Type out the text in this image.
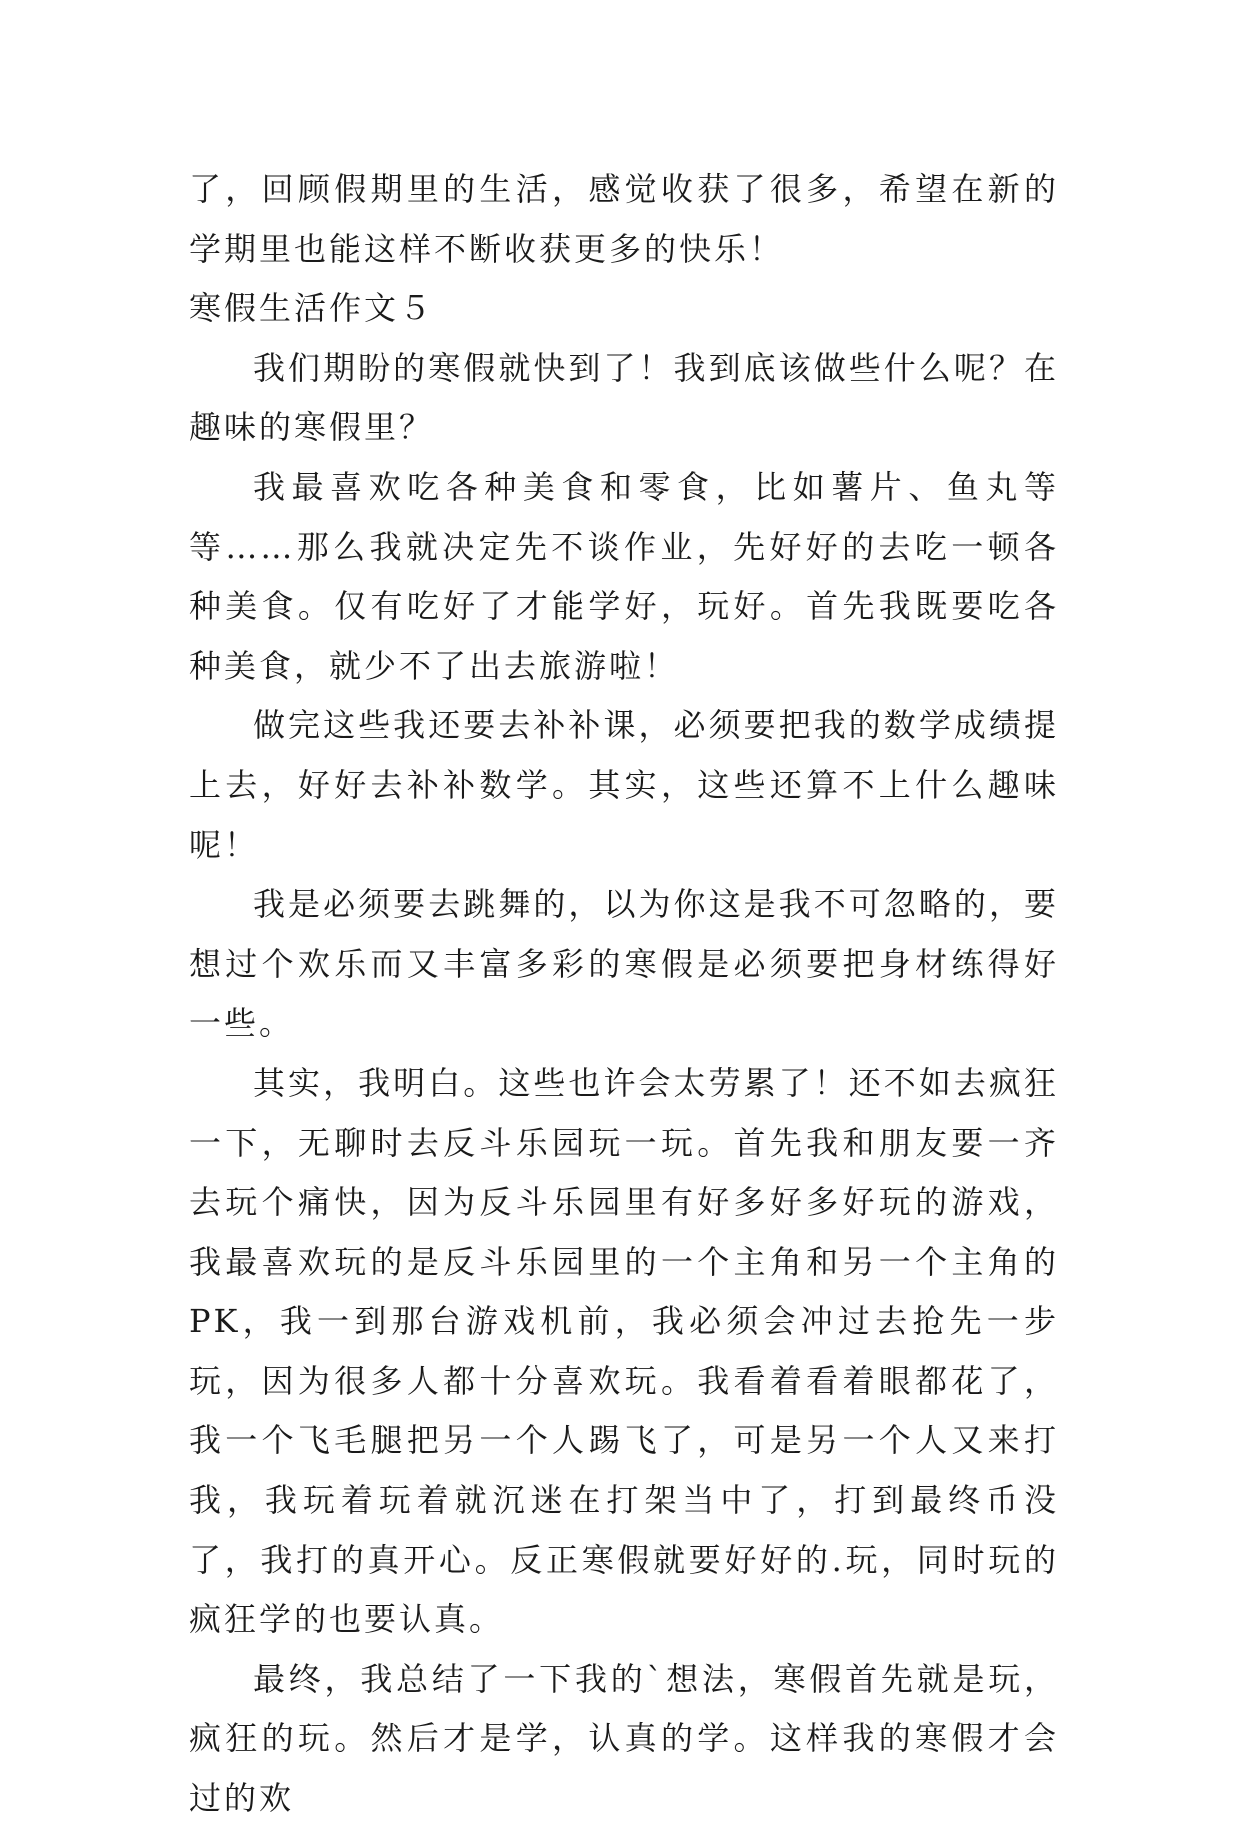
了，回顾假期里的生活，感觉收获了很多，希望在新的学期里也能这样不断收获更多的快乐！

寒假生活作文５

我们期盼的寒假就快到了！我到底该做些什么呢？在趣味的寒假里？

我最喜欢吃各种美食和零食，比如薯片、鱼丸等等……那么我就决定先不谈作业，先好好的去吃一顿各种美食。仅有吃好了才能学好，玩好。首先我既要吃各种美食，就少不了出去旅游啦！

做完这些我还要去补补课，必须要把我的数学成绩提上去，好好去补补数学。其实，这些还算不上什么趣味呢！

我是必须要去跳舞的，以为你这是我不可忽略的，要想过个欢乐而又丰富多彩的寒假是必须要把身材练得好一些。

其实，我明白。这些也许会太劳累了！还不如去疯狂一下，无聊时去反斗乐园玩一玩。首先我和朋友要一齐去玩个痛快，因为反斗乐园里有好多好多好玩的游戏，我最喜欢玩的是反斗乐园里的一个主角和另一个主角的PK，我一到那台游戏机前，我必须会冲过去抢先一步玩，因为很多人都十分喜欢玩。我看着看着眼都花了，我一个飞毛腿把另一个人踢飞了，可是另一个人又来打我，我玩着玩着就沉迷在打架当中了，打到最终币没了，我打的真开心。反正寒假就要好好的.玩，同时玩的疯狂学的也要认真。

最终，我总结了一下我的`想法，寒假首先就是玩，疯狂的玩。然后才是学，认真的学。这样我的寒假才会过的欢
